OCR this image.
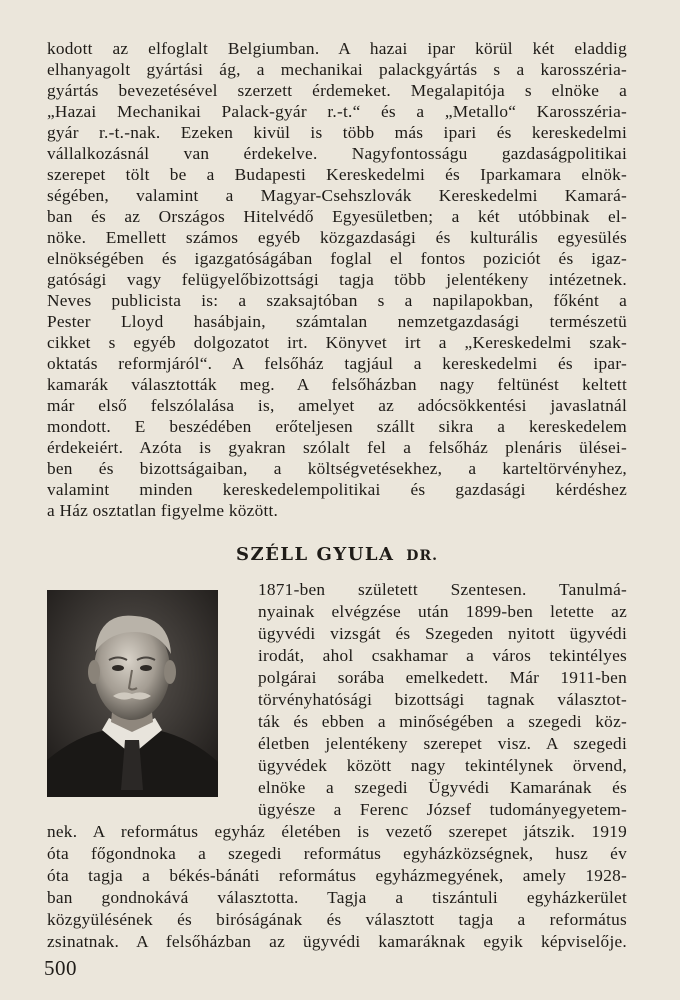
kodott az elfoglalt Belgiumban. A hazai ipar körül két eladdig
elhanyagolt gyártási ág, a mechanikai palackgyártás s a karosszéria-
gyártás bevezetésével szerzett érdemeket. Megalapitója s elnöke a
„Hazai Mechanikai Palack-gyár r.-t.“ és a „Metallo“ Karosszéria-
gyár r.-t.-nak. Ezeken kivül is több más ipari és kereskedelmi
vállalkozásnál van érdekelve. Nagyfontosságu gazdaságpolitikai
szerepet tölt be a Budapesti Kereskedelmi és Iparkamara elnök-
ségében, valamint a Magyar-Csehszlovák Kereskedelmi Kamará-
ban és az Országos Hitelvédő Egyesületben; a két utóbbinak el-
nöke. Emellett számos egyéb közgazdasági és kulturális egyesülés
elnökségében és igazgatóságában foglal el fontos poziciót és igaz-
gatósági vagy felügyelőbizottsági tagja több jelentékeny intézetnek.
Neves publicista is: a szaksajtóban s a napilapokban, főként a
Pester Lloyd hasábjain, számtalan nemzetgazdasági természetü
cikket s egyéb dolgozatot irt. Könyvet irt a „Kereskedelmi szak-
oktatás reformjáról“. A felsőház tagjául a kereskedelmi és ipar-
kamarák választották meg. A felsőházban nagy feltünést keltett
már első felszólalása is, amelyet az adócsökkentési javaslatnál
mondott. E beszédében erőteljesen szállt sikra a kereskedelem
érdekeiért. Azóta is gyakran szólalt fel a felsőház plenáris ülései-
ben és bizottságaiban, a költségvetésekhez, a karteltörvényhez,
valamint minden kereskedelempolitikai és gazdasági kérdéshez
a Ház osztatlan figyelme között.
SZÉLL GYULA DR.
1871-ben született Szentesen. Tanulmá-
nyainak elvégzése után 1899-ben letette az
ügyvédi vizsgát és Szegeden nyitott ügyvédi
irodát, ahol csakhamar a város tekintélyes
polgárai sorába emelkedett. Már 1911-ben
törvényhatósági bizottsági tagnak választot-
ták és ebben a minőségében a szegedi köz-
életben jelentékeny szerepet visz. A szegedi
ügyvédek között nagy tekintélynek örvend,
elnöke a szegedi Ügyvédi Kamarának és
ügyésze a Ferenc József tudományegyetem-
nek. A református egyház életében is vezető szerepet játszik. 1919
óta főgondnoka a szegedi református egyházközségnek, husz év
óta tagja a békés-bánáti református egyházmegyének, amely 1928-
ban gondnokává választotta. Tagja a tiszántuli egyházkerület
közgyülésének és biróságának és választott tagja a református
zsinatnak. A felsőházban az ügyvédi kamaráknak egyik képviselője.
500
